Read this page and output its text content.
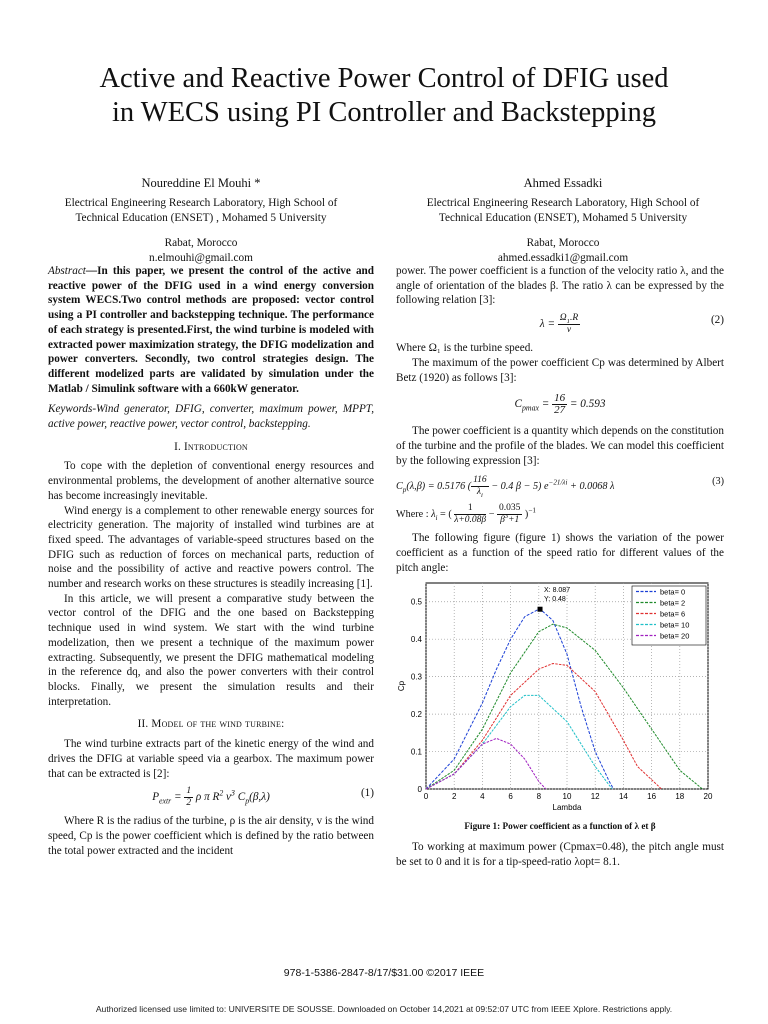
Active and Reactive Power Control of DFIG used
in WECS using PI Controller and Backstepping
Noureddine El Mouhi *
Electrical Engineering Research Laboratory, High School of
Technical Education (ENSET) , Mohamed 5 University
Rabat, Morocco
n.elmouhi@gmail.com
Ahmed Essadki
Electrical Engineering Research Laboratory, High School of
Technical Education (ENSET), Mohamed 5 University
Rabat, Morocco
ahmed.essadki1@gmail.com

Abstract—In this paper, we present the control of the active and reactive power of the DFIG used in a wind energy conversion system WECS.Two control methods are proposed: vector control using a PI controller and backstepping technique. The performance of each strategy is presented.First, the wind turbine is modeled with extracted power maximization strategy, the DFIG modelization and power converters. Secondly, two control strategies design. The different modelized parts are validated by simulation under the Matlab / Simulink software with a 660kW generator.

Keywords-Wind generator, DFIG, converter, maximum power, MPPT, active power, reactive power, vector control, backstepping.

I. Introduction

To cope with the depletion of conventional energy resources and environmental problems, the development of another alternative source has become increasingly inevitable.

Wind energy is a complement to other renewable energy sources for electricity generation. The majority of installed wind turbines are at fixed speed. The advantages of variable-speed structures based on the DFIG such as reduction of forces on mechanical parts, reduction of noise and the possibility of active and reactive powers control. The number and research works on these structures is steadily increasing [1].

In this article, we will present a comparative study between the vector control of the DFIG and the one based on Backstepping technique used in wind system. We start with the wind turbine modelization, then we present a technique of the maximum power extracting. Subsequently, we present the DFIG mathematical modeling in the reference dq, and also the power converters with their control blocks. Finally, we present the simulation results and their interpretation.

II. Model of the wind turbine:

The wind turbine extracts part of the kinetic energy of the wind and drives the DFIG at variable speed via a gearbox. The maximum power that can be extracted is [2]:

$P_{extr} = \frac{1}{2}$ ρ π $R^2$ $v^3$ $C_p(\beta,\lambda)$	(1)

Where R is the radius of the turbine, ρ is the air density, v is the wind speed, Cp is the power coefficient which is defined by the ratio between the total power extracted and the incident

power. The power coefficient is a function of the velocity ratio λ, and the angle of orientation of the blades β. The ratio λ can be expressed by the following relation [3]:

$\lambda = \frac{\Omega_1.R}{v}$	(2)

Where Ω₁ is the turbine speed.

The maximum of the power coefficient Cp was determined by Albert Betz (1920) as follows [3]:

$C_{pmax} = \frac{16}{27} = 0.593$

The power coefficient is a quantity which depends on the constitution of the turbine and the profile of the blades. We can model this coefficient by the following expression [3]:

$C_p(\lambda,\beta) = 0.5176$ ( $\frac{116}{\lambda_i} - 0.4$ β − 5) $e^{-21/\lambda i} + 0.0068$ λ	(3)

Where : $\lambda_i$ = ( $\frac{1}{\lambda+0.08\beta} - \frac{0.035}{\beta^3+1} )^{-1}$

The following figure (figure 1) shows the variation of the power coefficient as a function of the speed ratio for different values of the pitch angle:

0	2	4	6	8	10 12 14 16 18 20
0
0.1
0.2
0.3
0.4
0.5
Lambda
Cp
beta= 0
beta= 2
beta= 6
beta= 10
beta= 20
X: 8.087
Y: 0.48

Figure 1: Power coefficient as a function of λ et β

To working at maximum power (Cpmax=0.48), the pitch angle must be set to 0 and it is for a tip-speed-ratio λopt= 8.1.

978-1-5386-2847-8/17/$31.00 ©2017 IEEE
Authorized licensed use limited to: UNIVERSITE DE SOUSSE. Downloaded on October 14,2021 at 09:52:07 UTC from IEEE Xplore. Restrictions apply.
